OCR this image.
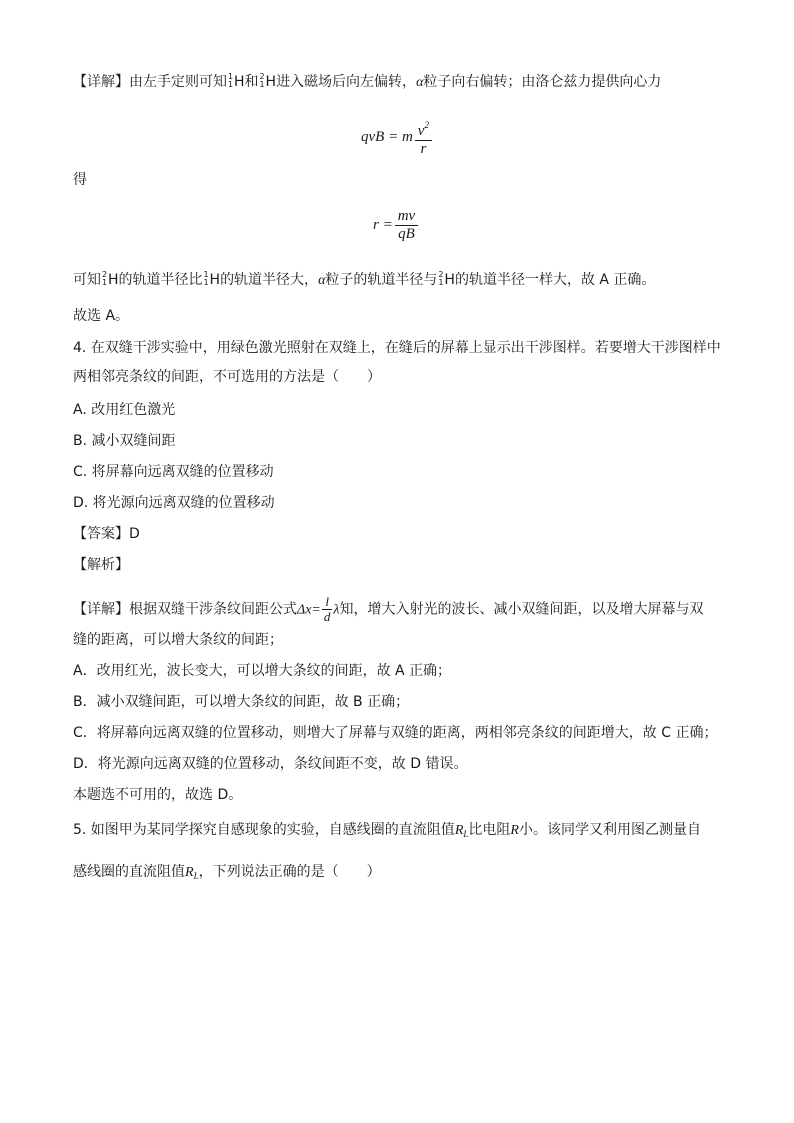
【详解】由左手定则可知 1
1 H和 2
1 H进入磁场后向左偏转，α粒子向右偏转；由洛仑兹力提供向心力
qvB = m $\frac{v^2}{r}$
得
$r = \frac{mv}{qB}$
可知 2
1 H的轨道半径比 1
1 H的轨道半径大，α粒子的轨道半径与 2
1 H的轨道半径一样大，故 A 正确。
故选 A。
4. 在双缝干涉实验中，用绿色激光照射在双缝上，在缝后的屏幕上显示出干涉图样。若要增大干涉图样中
两相邻亮条纹的间距，不可选用的方法是（　　）
A. 改用红色激光
B. 减小双缝间距
C. 将屏幕向远离双缝的位置移动
D. 将光源向远离双缝的位置移动
【答案】D
【解析】
【详解】根据双缝干涉条纹间距公式$\Delta x= \frac{l}{d}$ λ知，增大入射光的波长、减小双缝间距，以及增大屏幕与双
缝的距离，可以增大条纹的间距；
A．改用红光，波长变大，可以增大条纹的间距，故 A 正确；
B．减小双缝间距，可以增大条纹的间距，故 B 正确；
C．将屏幕向远离双缝的位置移动，则增大了屏幕与双缝的距离，两相邻亮条纹的间距增大，故 C 正确；
D．将光源向远离双缝的位置移动，条纹间距不变，故 D 错误。
本题选不可用的，故选 D。
5. 如图甲为某同学探究自感现象的实验，自感线圈的直流阻值$R_L$比电阻R小。该同学又利用图乙测量自
感线圈的直流阻值$R_L$，下列说法正确的是（　　）
